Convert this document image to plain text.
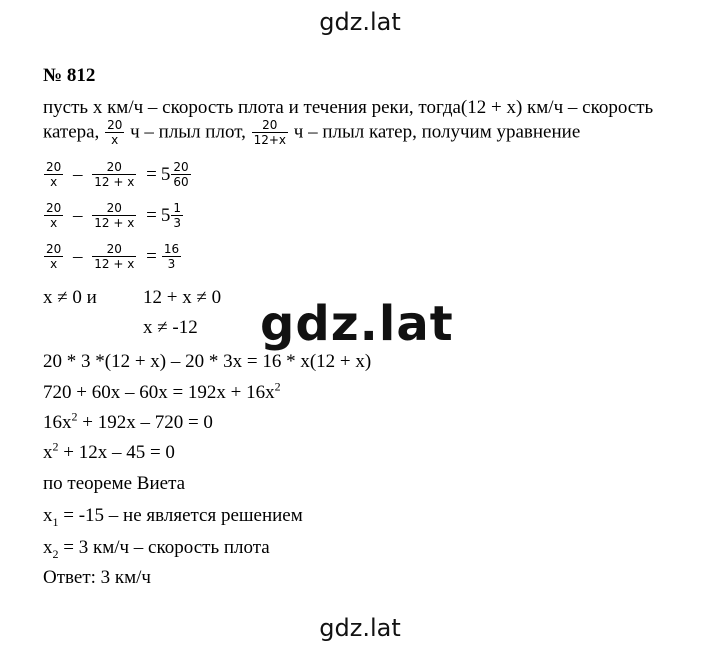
gdz.lat
№ 812
пусть x км/ч – скорость плота и течения реки, тогда(12 + x) км/ч – скорость
катера, $\frac{20}{x}$ ч – плыл плот, $\frac{20}{12+x}$ ч – плыл катер, получим уравнение
$\frac{20}{x} - \frac{20}{12 + x} = 5 \frac{20}{60}$
$\frac{20}{x} - \frac{20}{12 + x} = 5 \frac{1}{3}$
$\frac{20}{x} - \frac{20}{12 + x} = \frac{16}{3}$
x ≠ 0 и 12 + x ≠ 0
x ≠ -12
20 * 3 *(12 + x) – 20 * 3x = 16 * x(12 + x)
$720 + 60x - 60x = 192x + 16x^2$
$16x^2 + 192x - 720 = 0$
$x^2 + 12x - 45 = 0$
по теореме Виета
$x_1 = -15$ – не является решением
$x_2 = 3$ км/ч – скорость плота
Ответ: 3 км/ч
gdz.lat
gdz.lat
